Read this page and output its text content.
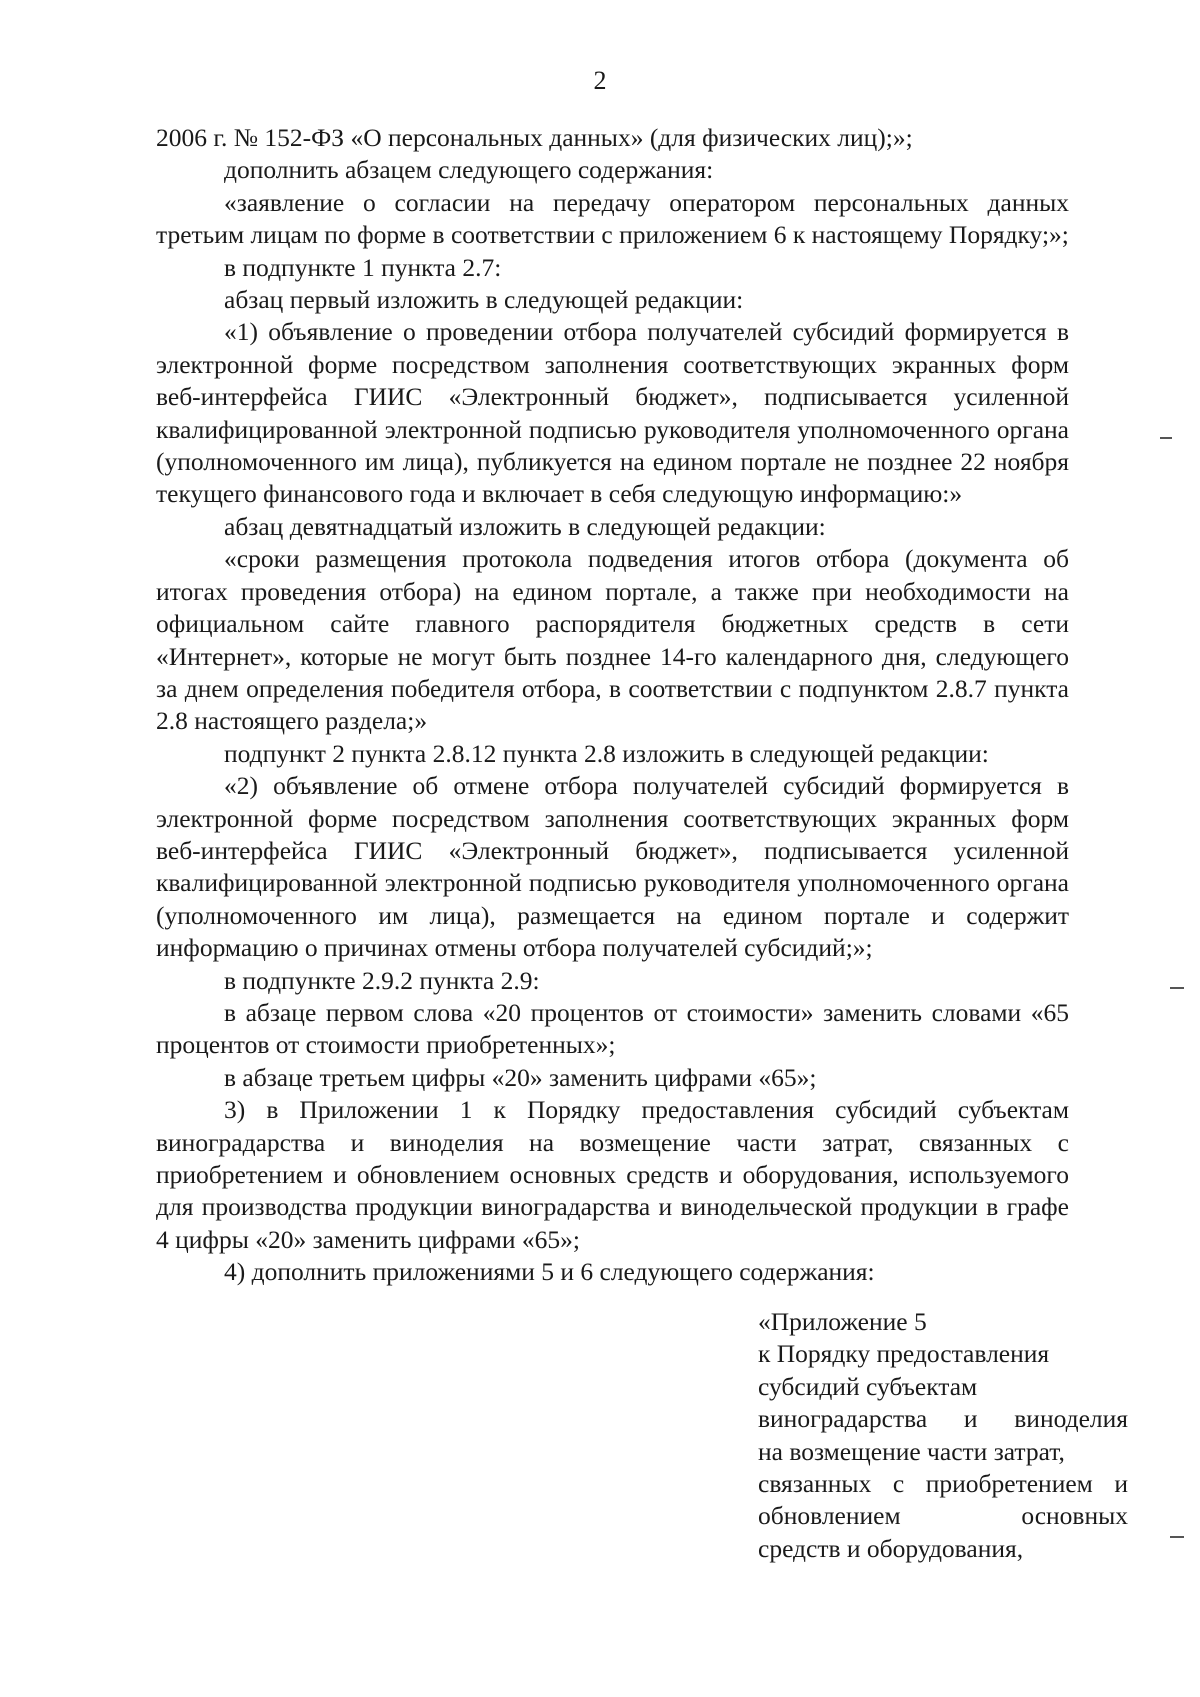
2

2006 г. № 152-ФЗ «О персональных данных» (для физических лиц);»;

дополнить абзацем следующего содержания:

«заявление о согласии на передачу оператором персональных данных третьим лицам по форме в соответствии с приложением 6 к настоящему Порядку;»;

в подпункте 1 пункта 2.7:

абзац первый изложить в следующей редакции:

«1) объявление о проведении отбора получателей субсидий формируется в электронной форме посредством заполнения соответствующих экранных форм веб-интерфейса ГИИС «Электронный бюджет», подписывается усиленной квалифицированной электронной подписью руководителя уполномоченного органа (уполномоченного им лица), публикуется на едином портале не позднее 22 ноября текущего финансового года и включает в себя следующую информацию:»

абзац девятнадцатый изложить в следующей редакции:

«сроки размещения протокола подведения итогов отбора (документа об итогах проведения отбора) на едином портале, а также при необходимости на официальном сайте главного распорядителя бюджетных средств в сети «Интернет», которые не могут быть позднее 14-го календарного дня, следующего за днем определения победителя отбора, в соответствии с подпунктом 2.8.7 пункта 2.8 настоящего раздела;»

подпункт 2 пункта 2.8.12 пункта 2.8 изложить в следующей редакции:

«2) объявление об отмене отбора получателей субсидий формируется в электронной форме посредством заполнения соответствующих экранных форм веб-интерфейса ГИИС «Электронный бюджет», подписывается усиленной квалифицированной электронной подписью руководителя уполномоченного органа (уполномоченного им лица), размещается на едином портале и содержит информацию о причинах отмены отбора получателей субсидий;»;

в подпункте 2.9.2 пункта 2.9:

в абзаце первом слова «20 процентов от стоимости» заменить словами «65 процентов от стоимости приобретенных»;

в абзаце третьем цифры «20» заменить цифрами «65»;

3) в Приложении 1 к Порядку предоставления субсидий субъектам виноградарства и виноделия на возмещение части затрат, связанных с приобретением и обновлением основных средств и оборудования, используемого для производства продукции виноградарства и винодельческой продукции в графе 4 цифры «20» заменить цифрами «65»;

4) дополнить приложениями 5 и 6 следующего содержания:

«Приложение 5

к Порядку предоставления

субсидий субъектам

виноградарства и виноделия

на возмещение части затрат,

связанных с приобретением и

обновлением основных

средств и оборудования,
